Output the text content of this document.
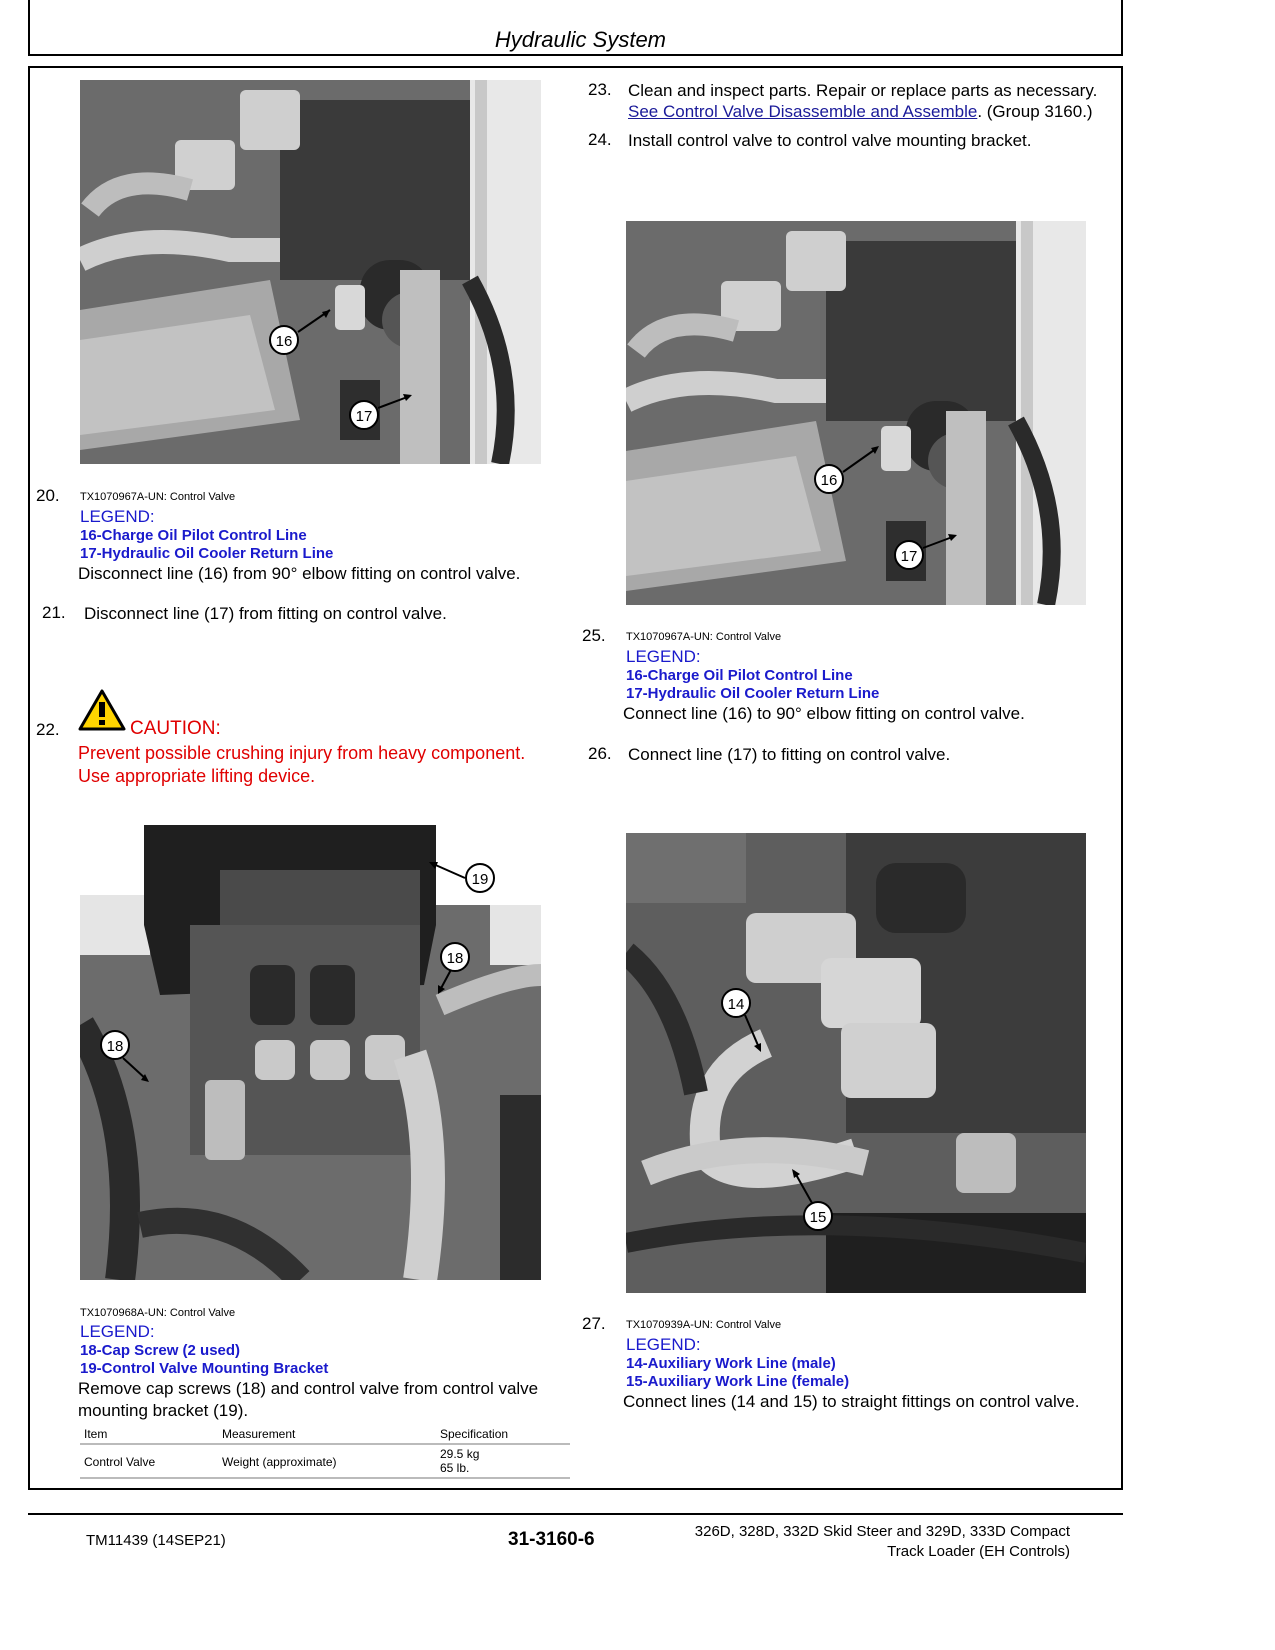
Hydraulic System
16
17
20. TX1070967A-UN: Control Valve
LEGEND:
16-Charge Oil Pilot Control Line
17-Hydraulic Oil Cooler Return Line
Disconnect line (16) from 90° elbow fitting on control valve.
21. Disconnect line (17) from fitting on control valve.
22.	CAUTION:
Prevent possible crushing injury from heavy component.
Use appropriate lifting device.
19
18
18
TX1070968A-UN: Control Valve
LEGEND:
18-Cap Screw (2 used)
19-Control Valve Mounting Bracket
Remove cap screws (18) and control valve from control valve
mounting bracket (19).
Item	Measurement	Specification
Control Valve	Weight (approximate)	29.5 kg
65 lb.
23. Clean and inspect parts. Repair or replace parts as necessary.
See Control Valve Disassemble and Assemble. (Group 3160.)
24. Install control valve to control valve mounting bracket.
16
17
25. TX1070967A-UN: Control Valve
LEGEND:
16-Charge Oil Pilot Control Line
17-Hydraulic Oil Cooler Return Line
Connect line (16) to 90° elbow fitting on control valve.
26. Connect line (17) to fitting on control valve.
14
15
27. TX1070939A-UN: Control Valve
LEGEND:
14-Auxiliary Work Line (male)
15-Auxiliary Work Line (female)
Connect lines (14 and 15) to straight fittings on control valve.
TM11439 (14SEP21)	31-3160-6	326D, 328D, 332D Skid Steer and 329D, 333D Compact
Track Loader (EH Controls)
